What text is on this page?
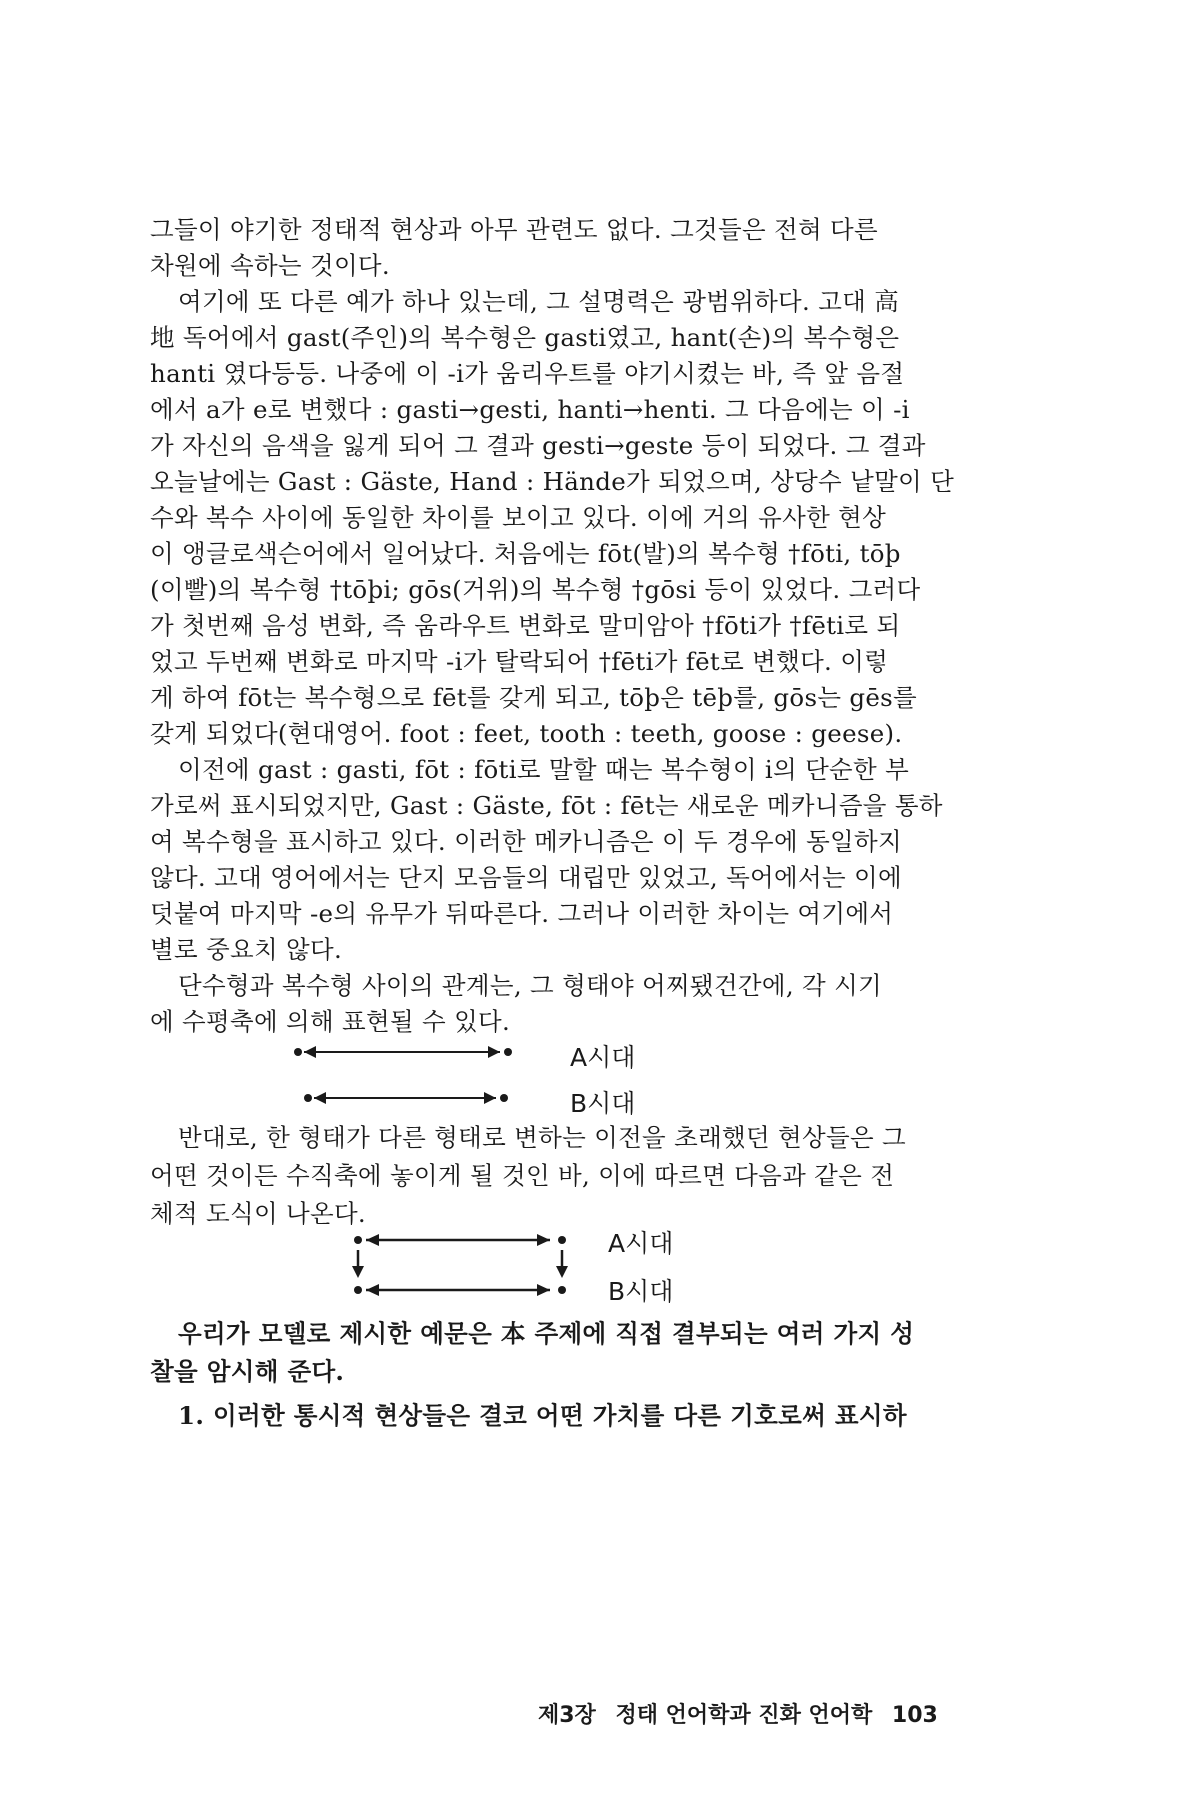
그들이 야기한 정태적 현상과 아무 관련도 없다. 그것들은 전혀 다른
차원에 속하는 것이다.
여기에 또 다른 예가 하나 있는데, 그 설명력은 광범위하다. 고대 高
地 독어에서 gast(주인)의 복수형은 gasti였고, hant(손)의 복수형은
hanti 였다등등. 나중에 이 -i가 움리우트를 야기시켰는 바, 즉 앞 음절
에서 a가 e로 변했다 : gasti→gesti, hanti→henti. 그 다음에는 이 -i
가 자신의 음색을 잃게 되어 그 결과 gesti→geste 등이 되었다. 그 결과
오늘날에는 Gast : Gäste, Hand : Hände가 되었으며, 상당수 낱말이 단
수와 복수 사이에 동일한 차이를 보이고 있다. 이에 거의 유사한 현상
이 앵글로색슨어에서 일어났다. 처음에는 fōt(발)의 복수형 †fōti, tōþ
(이빨)의 복수형 †tōþi; gōs(거위)의 복수형 †gōsi 등이 있었다. 그러다
가 첫번째 음성 변화, 즉 움라우트 변화로 말미암아 †fōti가 †fēti로 되
었고 두번째 변화로 마지막 -i가 탈락되어 †fēti가 fēt로 변했다. 이렇
게 하여 fōt는 복수형으로 fēt를 갖게 되고, tōþ은 tēþ를, gōs는 gēs를
갖게 되었다(현대영어. foot : feet, tooth : teeth, goose : geese).
이전에 gast : gasti, fōt : fōti로 말할 때는 복수형이 i의 단순한 부
가로써 표시되었지만, Gast : Gäste, fōt : fēt는 새로운 메카니즘을 통하
여 복수형을 표시하고 있다. 이러한 메카니즘은 이 두 경우에 동일하지
않다. 고대 영어에서는 단지 모음들의 대립만 있었고, 독어에서는 이에
덧붙여 마지막 -e의 유무가 뒤따른다. 그러나 이러한 차이는 여기에서
별로 중요치 않다.
단수형과 복수형 사이의 관계는, 그 형태야 어찌됐건간에, 각 시기
에 수평축에 의해 표현될 수 있다.
A시대
B시대
반대로, 한 형태가 다른 형태로 변하는 이전을 초래했던 현상들은 그
어떤 것이든 수직축에 놓이게 될 것인 바, 이에 따르면 다음과 같은 전
체적 도식이 나온다.
A시대
B시대
우리가 모델로 제시한 예문은 本 주제에 직접 결부되는 여러 가지 성
찰을 암시해 준다.
1. 이러한 통시적 현상들은 결코 어떤 가치를 다른 기호로써 표시하
제3장 정태 언어학과 진화 언어학 103
